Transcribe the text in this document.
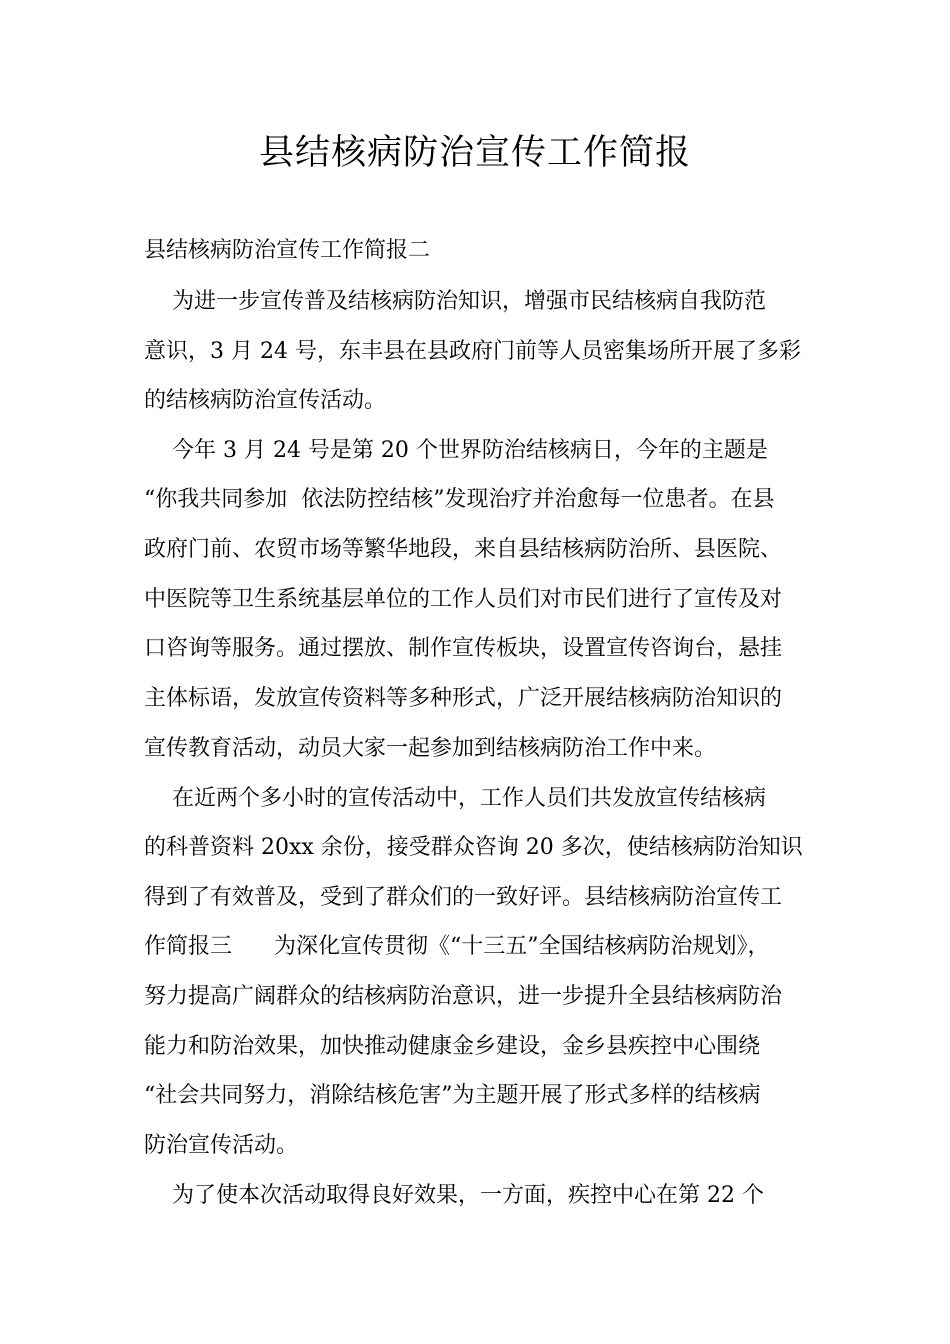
县结核病防治宣传工作简报

县结核病防治宣传工作简报二

为进一步宣传普及结核病防治知识，增强市民结核病自我防范

意识，3 月 24 号，东丰县在县政府门前等人员密集场所开展了多彩

的结核病防治宣传活动。

今年 3 月 24 号是第 20 个世界防治结核病日，今年的主题是

“你我共同参加  依法防控结核”发现治疗并治愈每一位患者。在县

政府门前、农贸市场等繁华地段，来自县结核病防治所、县医院、

中医院等卫生系统基层单位的工作人员们对市民们进行了宣传及对

口咨询等服务。通过摆放、制作宣传板块，设置宣传咨询台，悬挂

主体标语，发放宣传资料等多种形式，广泛开展结核病防治知识的

宣传教育活动，动员大家一起参加到结核病防治工作中来。

在近两个多小时的宣传活动中，工作人员们共发放宣传结核病

的科普资料 20xx 余份，接受群众咨询 20 多次，使结核病防治知识

得到了有效普及，受到了群众们的一致好评。县结核病防治宣传工

作简报三      为深化宣传贯彻《“十三五”全国结核病防治规划》，

努力提高广阔群众的结核病防治意识，进一步提升全县结核病防治

能力和防治效果，加快推动健康金乡建设，金乡县疾控中心围绕

“社会共同努力，消除结核危害”为主题开展了形式多样的结核病

防治宣传活动。

为了使本次活动取得良好效果，一方面，疾控中心在第 22 个
